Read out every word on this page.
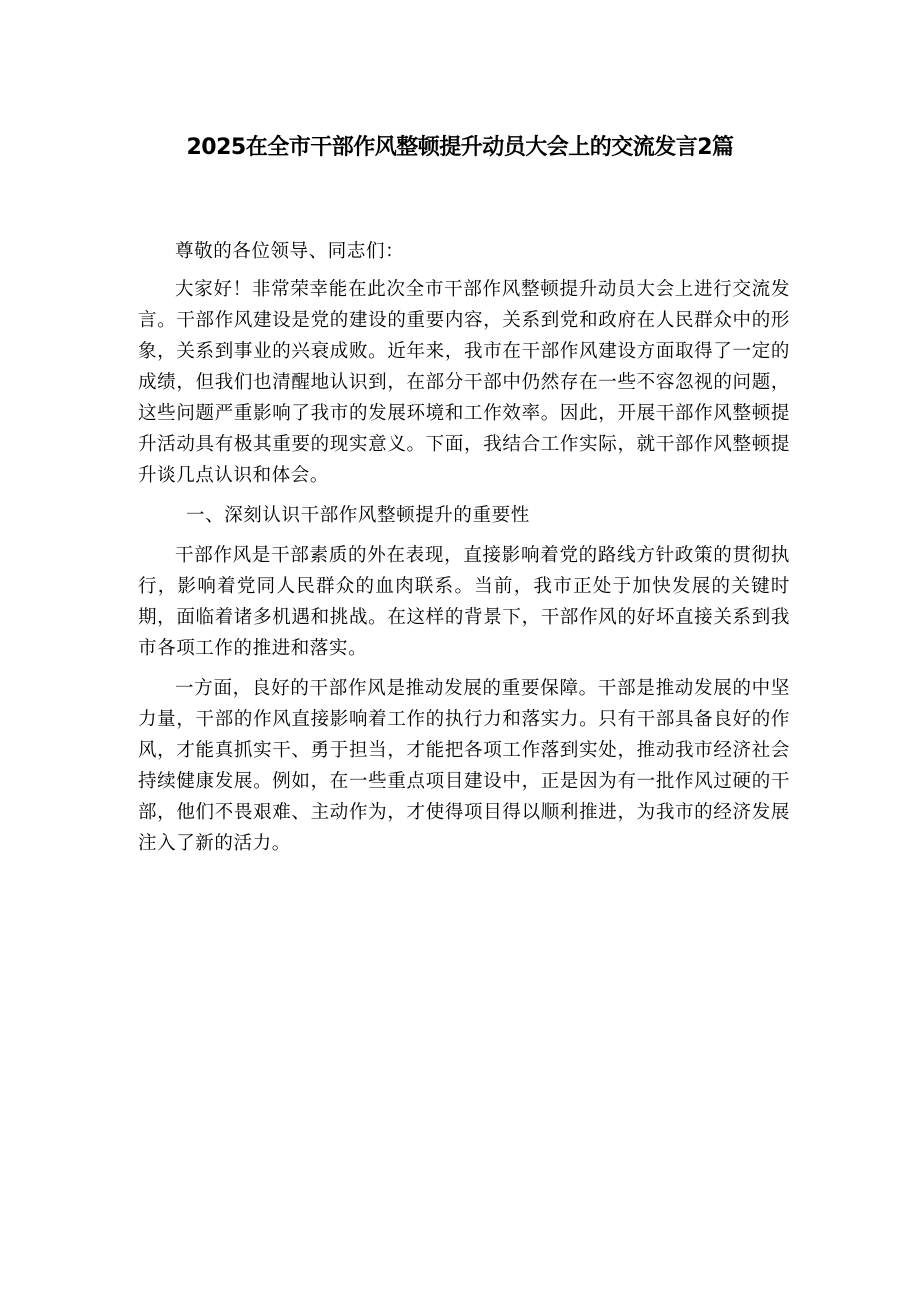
2025在全市干部作风整顿提升动员大会上的交流发言2篇

尊敬的各位领导、同志们：

大家好！非常荣幸能在此次全市干部作风整顿提升动员大会上进行交流发言。干部作风建设是党的建设的重要内容，关系到党和政府在人民群众中的形象，关系到事业的兴衰成败。近年来，我市在干部作风建设方面取得了一定的成绩，但我们也清醒地认识到，在部分干部中仍然存在一些不容忽视的问题，这些问题严重影响了我市的发展环境和工作效率。因此，开展干部作风整顿提升活动具有极其重要的现实意义。下面，我结合工作实际，就干部作风整顿提升谈几点认识和体会。

一、深刻认识干部作风整顿提升的重要性

干部作风是干部素质的外在表现，直接影响着党的路线方针政策的贯彻执行，影响着党同人民群众的血肉联系。当前，我市正处于加快发展的关键时期，面临着诸多机遇和挑战。在这样的背景下，干部作风的好坏直接关系到我市各项工作的推进和落实。

一方面，良好的干部作风是推动发展的重要保障。干部是推动发展的中坚力量，干部的作风直接影响着工作的执行力和落实力。只有干部具备良好的作风，才能真抓实干、勇于担当，才能把各项工作落到实处，推动我市经济社会持续健康发展。例如，在一些重点项目建设中，正是因为有一批作风过硬的干部，他们不畏艰难、主动作为，才使得项目得以顺利推进，为我市的经济发展注入了新的活力。
